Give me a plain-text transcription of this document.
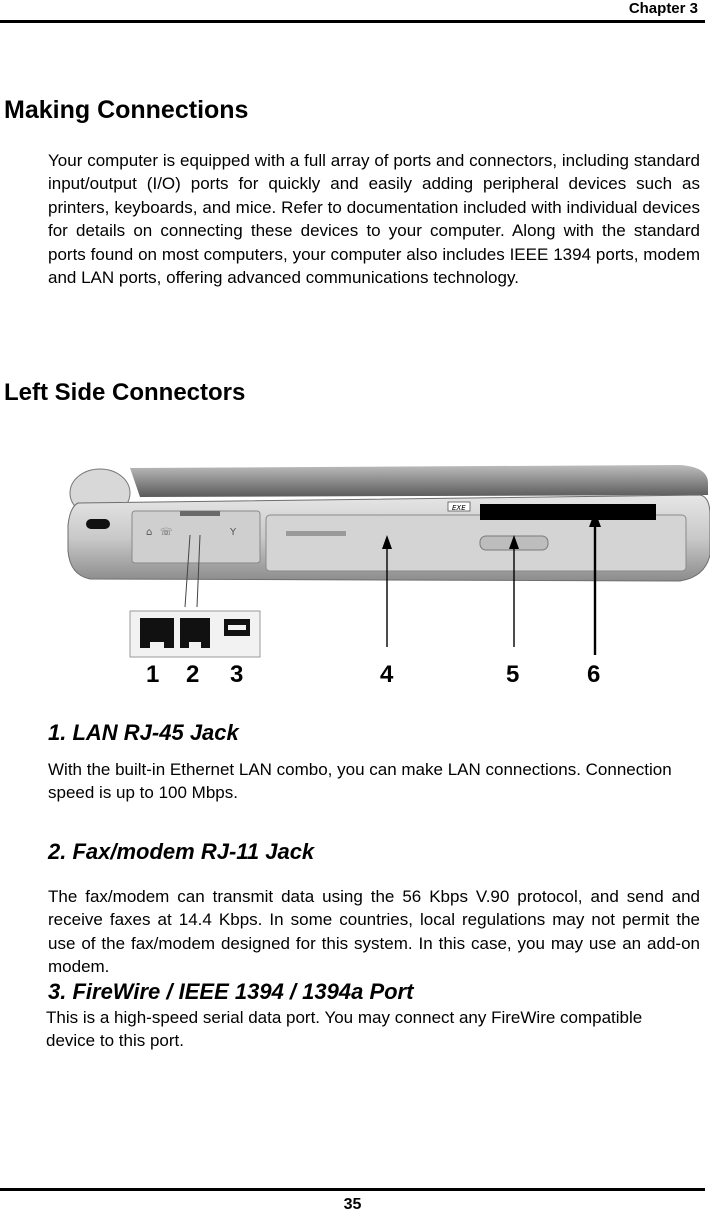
Chapter 3
Making Connections

Your computer is equipped with a full array of ports and connectors, including standard input/output (I/O) ports for quickly and easily adding peripheral devices such as printers, keyboards, and mice. Refer to documentation included with individual devices for details on connecting these devices to your computer. Along with the standard ports found on most computers, your computer also includes IEEE 1394 ports, modem and LAN ports, offering advanced communications technology.

Left Side Connectors
⌂ ☏	Y
EXE
1 2 3	4	5	6
1. LAN RJ-45 Jack

With the built-in Ethernet LAN combo, you can make LAN connections. Connection speed is up to 100 Mbps.

2. Fax/modem RJ-11 Jack

The fax/modem can transmit data using the 56 Kbps V.90 protocol, and send and receive faxes at 14.4 Kbps. In some countries, local regulations may not permit the use of the fax/modem designed for this system. In this case, you may use an add-on modem.

3. FireWire / IEEE 1394 / 1394a Port

This is a high-speed serial data port. You may connect any FireWire compatible device to this port.

35
